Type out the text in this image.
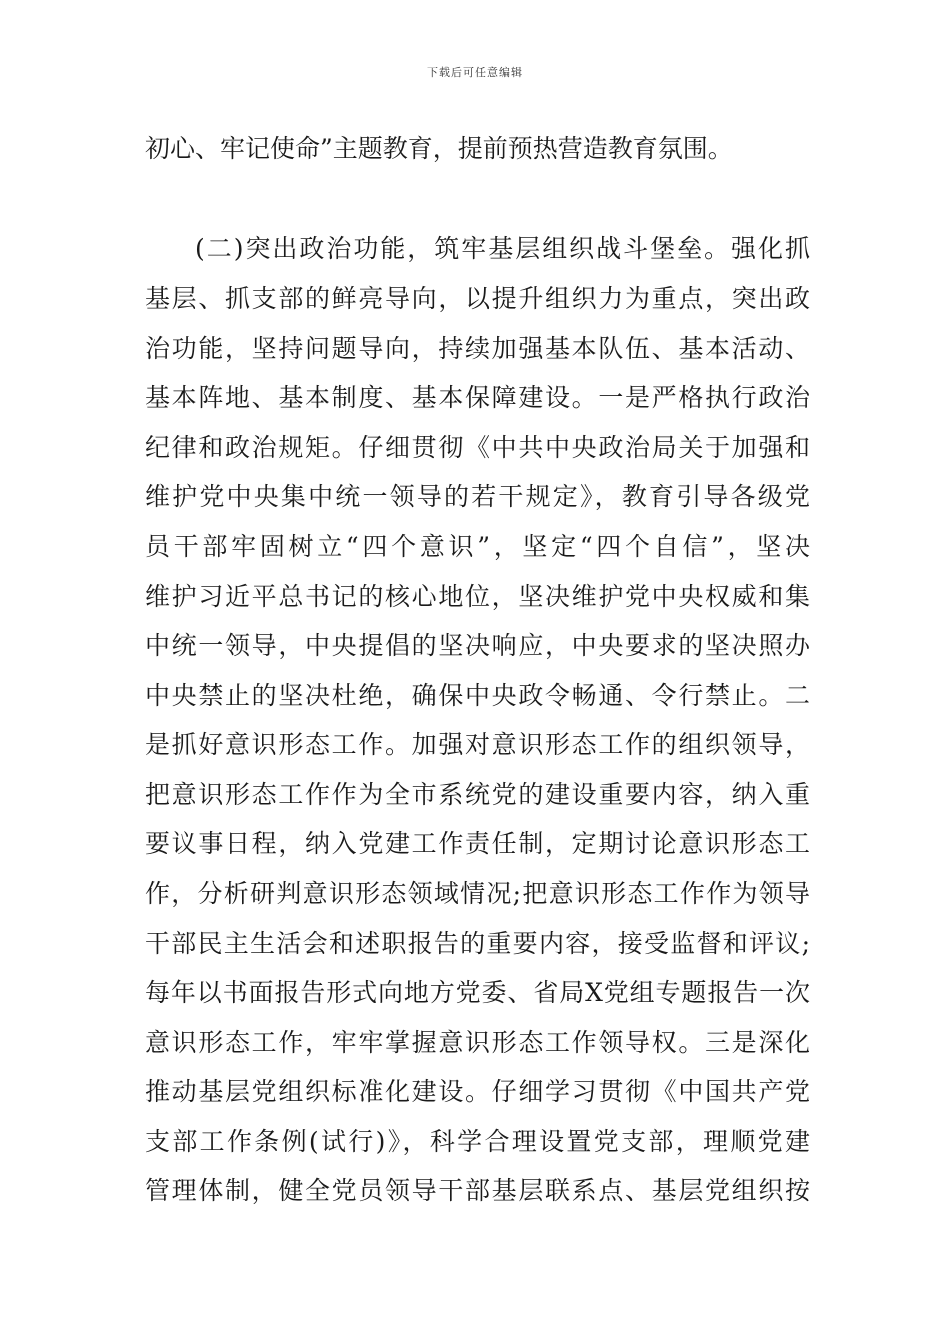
下载后可任意编辑
初心、牢记使命”主题教育，提前预热营造教育氛围。
(二)突出政治功能，筑牢基层组织战斗堡垒。强化抓
基层、抓支部的鲜亮导向，以提升组织力为重点，突出政
治功能，坚持问题导向，持续加强基本队伍、基本活动、
基本阵地、基本制度、基本保障建设。一是严格执行政治
纪律和政治规矩。仔细贯彻《中共中央政治局关于加强和
维护党中央集中统一领导的若干规定》，教育引导各级党
员干部牢固树立“四个意识”，坚定“四个自信”，坚决
维护习近平总书记的核心地位，坚决维护党中央权威和集
中统一领导，中央提倡的坚决响应，中央要求的坚决照办
中央禁止的坚决杜绝，确保中央政令畅通、令行禁止。二
是抓好意识形态工作。加强对意识形态工作的组织领导，
把意识形态工作作为全市系统党的建设重要内容，纳入重
要议事日程，纳入党建工作责任制，定期讨论意识形态工
作，分析研判意识形态领域情况;把意识形态工作作为领导
干部民主生活会和述职报告的重要内容，接受监督和评议;
每年以书面报告形式向地方党委、省局X党组专题报告一次
意识形态工作，牢牢掌握意识形态工作领导权。三是深化
推动基层党组织标准化建设。仔细学习贯彻《中国共产党
支部工作条例(试行)》，科学合理设置党支部，理顺党建
管理体制，健全党员领导干部基层联系点、基层党组织按
